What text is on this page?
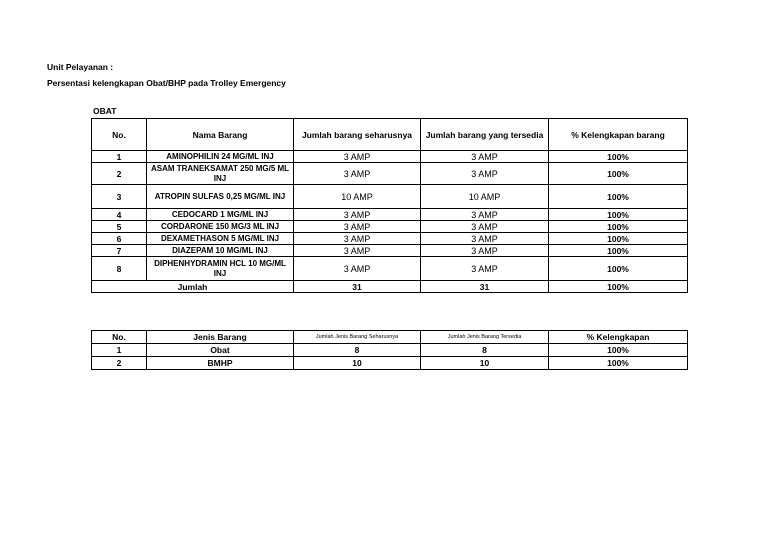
Unit Pelayanan :
Persentasi kelengkapan Obat/BHP pada Trolley Emergency
OBAT
No.	Nama Barang	Jumlah barang seharusnya	Jumlah barang yang tersedia	% Kelengkapan barang
1	AMINOPHILIN 24 MG/ML INJ	3 AMP	3 AMP	100%
2	ASAM TRANEKSAMAT 250 MG/5 ML INJ	3 AMP	3 AMP	100%
3	ATROPIN SULFAS 0,25 MG/ML INJ	10 AMP	10 AMP	100%
4	CEDOCARD 1 MG/ML INJ	3 AMP	3 AMP	100%
5	CORDARONE 150 MG/3 ML INJ	3 AMP	3 AMP	100%
6	DEXAMETHASON 5 MG/ML INJ	3 AMP	3 AMP	100%
7	DIAZEPAM 10 MG/ML INJ	3 AMP	3 AMP	100%
8	DIPHENHYDRAMIN HCL 10 MG/ML INJ	3 AMP	3 AMP	100%
Jumlah		31	31	100%
No.	Jenis Barang	Jumlah Jenis Barang Seharusnya	Jumlah Jenis Barang Tersedia	% Kelengkapan
1	Obat	8	8	100%
2	BMHP	10	10	100%
